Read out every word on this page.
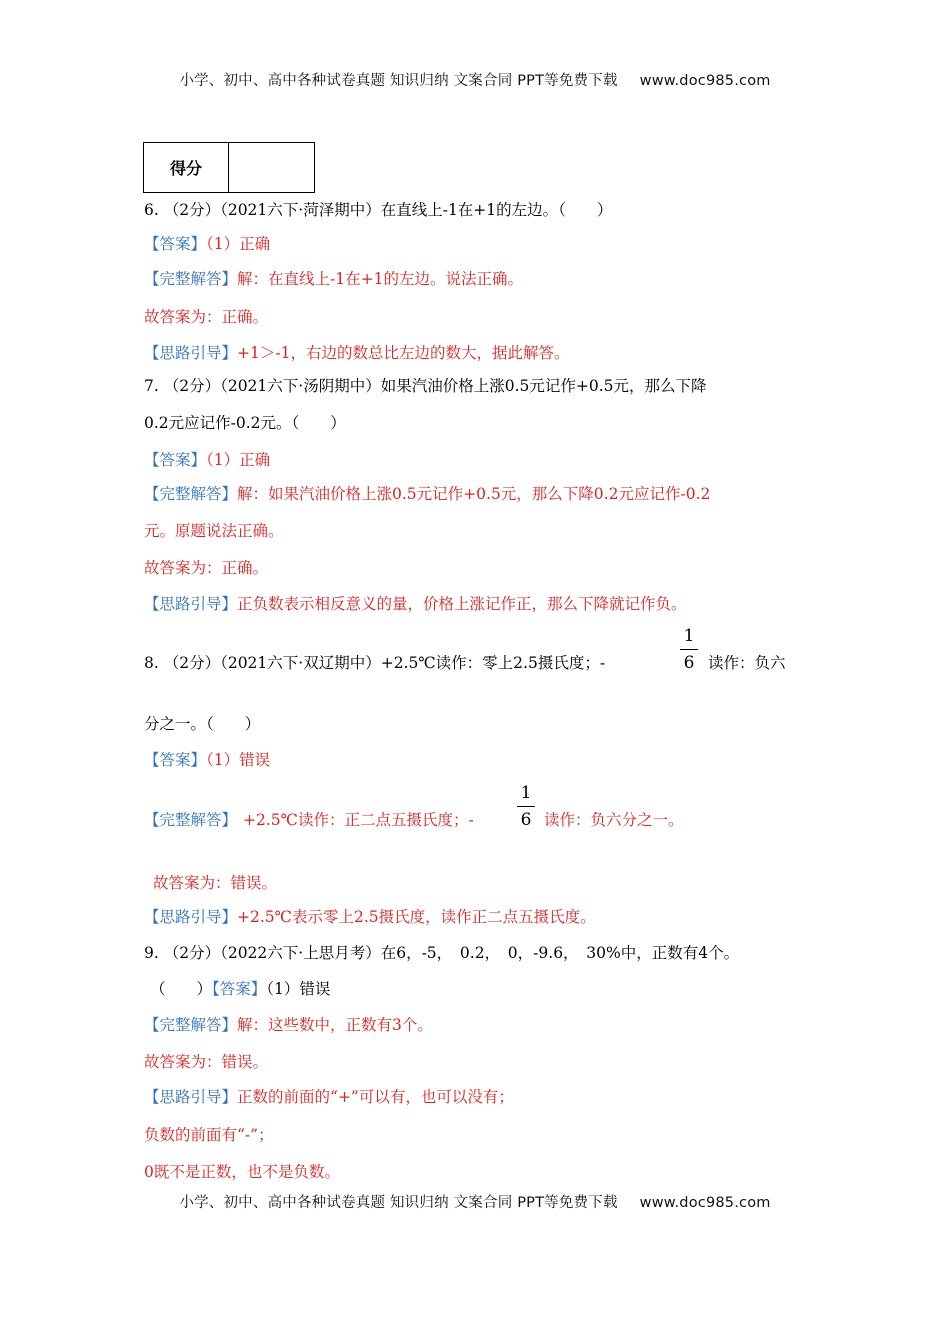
小学、初中、高中各种试卷真题 知识归纳 文案合同 PPT等免费下载 www.doc985.com
得分
6. （2分）（2021六下·菏泽期中）在直线上-1在+1的左边。（　　）
【答案】（1）正确
【完整解答】解：在直线上-1在+1的左边。说法正确。
故答案为：正确。
【思路引导】+1＞-1，右边的数总比左边的数大，据此解答。
7. （2分）（2021六下·汤阴期中）如果汽油价格上涨0.5元记作+0.5元，那么下降
0.2元应记作-0.2元。（　　）
【答案】（1）正确
【完整解答】解：如果汽油价格上涨0.5元记作+0.5元，那么下降0.2元应记作-0.2
元。原题说法正确。
故答案为：正确。
【思路引导】正负数表示相反意义的量，价格上涨记作正，那么下降就记作负。
8. （2分）（2021六下·双辽期中）+2.5℃读作：零上2.5摄氏度；-
1
6 读作：负六
分之一。（　　）
【答案】（1）错误
【完整解答】 +2.5℃读作：正二点五摄氏度；-
1
6 读作：负六分之一。
故答案为：错误。
【思路引导】+2.5℃表示零上2.5摄氏度，读作正二点五摄氏度。
9. （2分）（2022六下·上思月考）在6，-5，　0.2，　0，-9.6，　30%中，正数有4个。
（　　）【答案】（1）错误
【完整解答】解：这些数中，正数有3个。
故答案为：错误。
【思路引导】正数的前面的“+”可以有，也可以没有；
负数的前面有“-”；
0既不是正数，也不是负数。
小学、初中、高中各种试卷真题 知识归纳 文案合同 PPT等免费下载 www.doc985.com
